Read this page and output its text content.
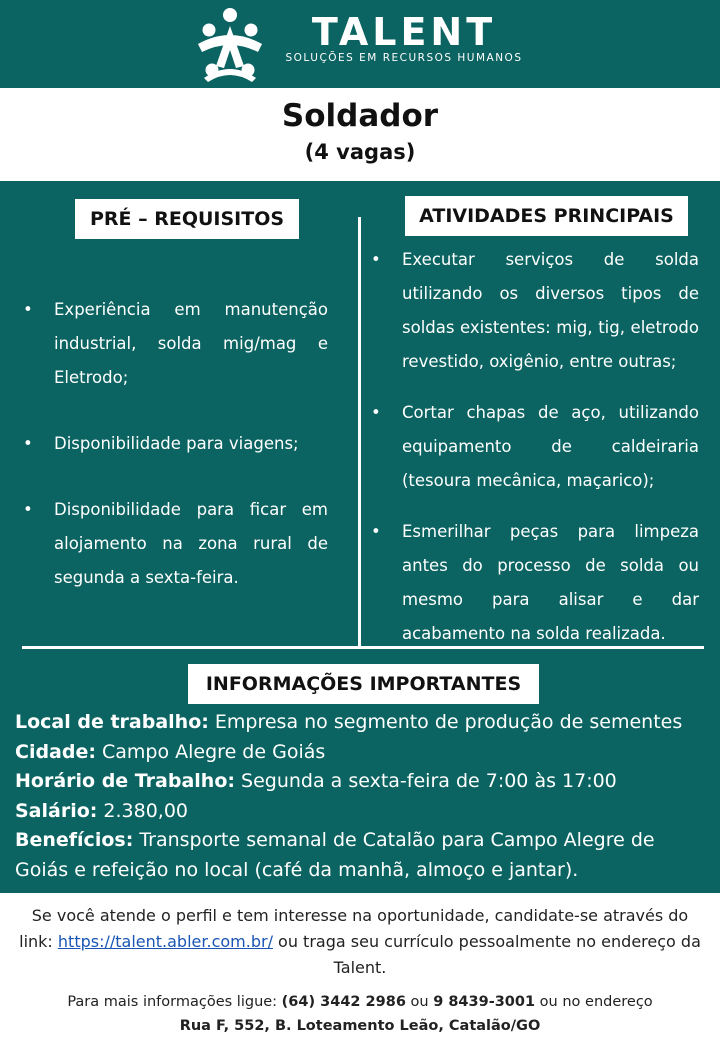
TALENT
SOLUÇÕES EM RECURSOS HUMANOS
Soldador
(4 vagas)
PRÉ – REQUISITOS	ATIVIDADES PRINCIPAIS
• Experiência em manutenção industrial, solda mig/mag e Eletrodo;
• Disponibilidade para viagens;
• Disponibilidade para ficar em alojamento na zona rural de segunda a sexta-feira.
• Executar serviços de solda utilizando os diversos tipos de soldas existentes: mig, tig, eletrodo revestido, oxigênio, entre outras;
• Cortar chapas de aço, utilizando equipamento de caldeiraria (tesoura mecânica, maçarico);
• Esmerilhar peças para limpeza antes do processo de solda ou mesmo para alisar e dar acabamento na solda realizada.
INFORMAÇÕES IMPORTANTES

Local de trabalho: Empresa no segmento de produção de sementes

Cidade: Campo Alegre de Goiás

Horário de Trabalho: Segunda a sexta-feira de 7:00 às 17:00

Salário: 2.380,00

Benefícios: Transporte semanal de Catalão para Campo Alegre de Goiás e refeição no local (café da manhã, almoço e jantar).

Se você atende o perfil e tem interesse na oportunidade, candidate-se através do link: https://talent.abler.com.br/ ou traga seu currículo pessoalmente no endereço da Talent.
Para mais informações ligue: (64) 3442 2986 ou 9 8439-3001 ou no endereço
Rua F, 552, B. Loteamento Leão, Catalão/GO
